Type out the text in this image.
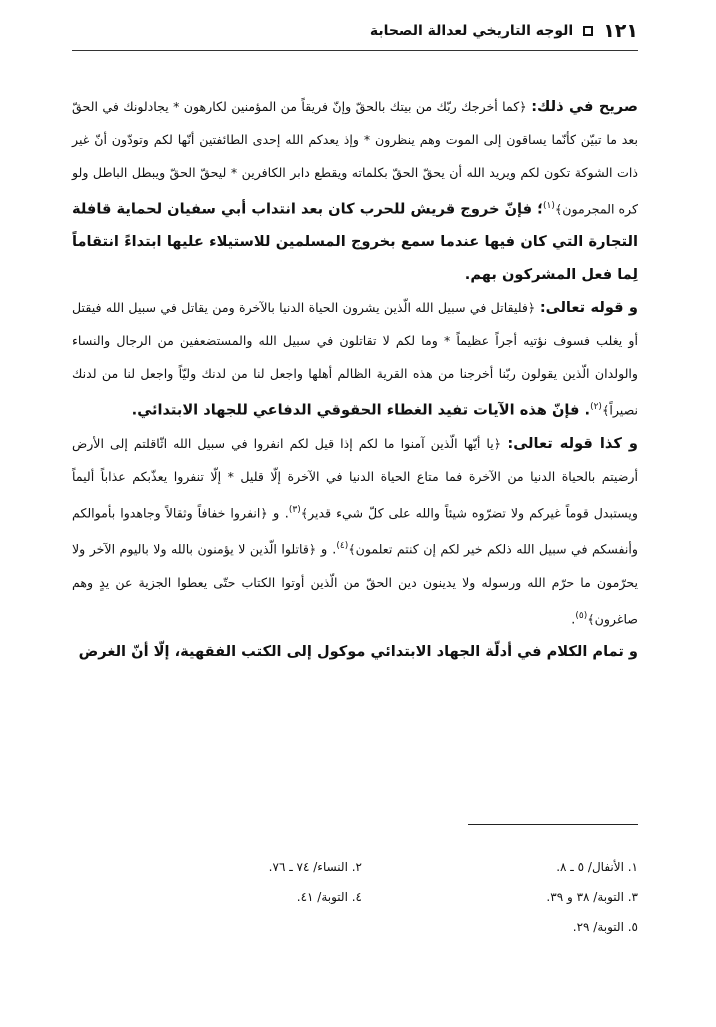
١٢١
الوجه التاريخي لعدالة الصحابة

صريح في ذلك: ﴿كما أخرجك ربّك من بيتك بالحقّ وإنّ فريقاً من المؤمنين لكارهون * يجادلونك في الحقّ بعد ما تبيّن كأنّما يساقون إلى الموت وهم ينظرون * وإذ يعدكم الله إحدى الطائفتين أنّها لكم وتودّون أنّ غير ذات الشوكة تكون لكم ويريد الله أن يحقّ الحقّ بكلماته ويقطع دابر الكافرين * ليحقّ الحقّ ويبطل الباطل ولو كره المجرمون﴾$^{(١)}$؛ فإنّ خروج قريش للحرب كان بعد انتداب أبي سفيان لحماية قافلة التجارة التي كان فيها عندما سمع بخروج المسلمين للاستيلاء عليها ابتداءً انتقاماً لِما فعل المشركون بهم.

و قوله تعالى: ﴿فليقاتل في سبيل الله الّذين يشرون الحياة الدنيا بالآخرة ومن يقاتل في سبيل الله فيقتل أو يغلب فسوف نؤتيه أجراً عظيماً * وما لكم لا تقاتلون في سبيل الله والمستضعفين من الرجال والنساء والولدان الّذين يقولون ربّنا أخرجنا من هذه القرية الظالم أهلها واجعل لنا من لدنك وليّاً واجعل لنا من لدنك نصيراً﴾$^{(٢)}$. فإنّ هذه الآيات تفيد الغطاء الحقوقي الدفاعي للجهاد الابتدائي.

و كذا قوله تعالى: ﴿يا أيّها الّذين آمنوا ما لكم إذا قيل لكم انفروا في سبيل الله اثّاقلتم إلى الأرض أرضيتم بالحياة الدنيا من الآخرة فما متاع الحياة الدنيا في الآخرة إلّا قليل * إلّا تنفروا يعذّبكم عذاباً أليماً ويستبدل قوماً غيركم ولا تضرّوه شيئاً والله على كلّ شيء قدير﴾$^{(٣)}$. و ﴿انفروا خفافاً وثقالاً وجاهدوا بأموالكم وأنفسكم في سبيل الله ذلكم خير لكم إن كنتم تعلمون﴾$^{(٤)}$. و ﴿قاتلوا الّذين لا يؤمنون بالله ولا باليوم الآخر ولا يحرّمون ما حرّم الله ورسوله ولا يدينون دين الحقّ من الّذين أوتوا الكتاب حتّى يعطوا الجزية عن يدٍ وهم صاغرون﴾$^{(٥)}$.

و تمام الكلام في أدلّة الجهاد الابتدائي موكول إلى الكتب الفقهية، إلّا أنّ الغرض

١. الأنفال/ ٥ ـ ٨.
٢. النساء/ ٧٤ ـ ٧٦.
٣. التوبة/ ٣٨ و ٣٩.
٤. التوبة/ ٤١.
٥. التوبة/ ٢٩.
